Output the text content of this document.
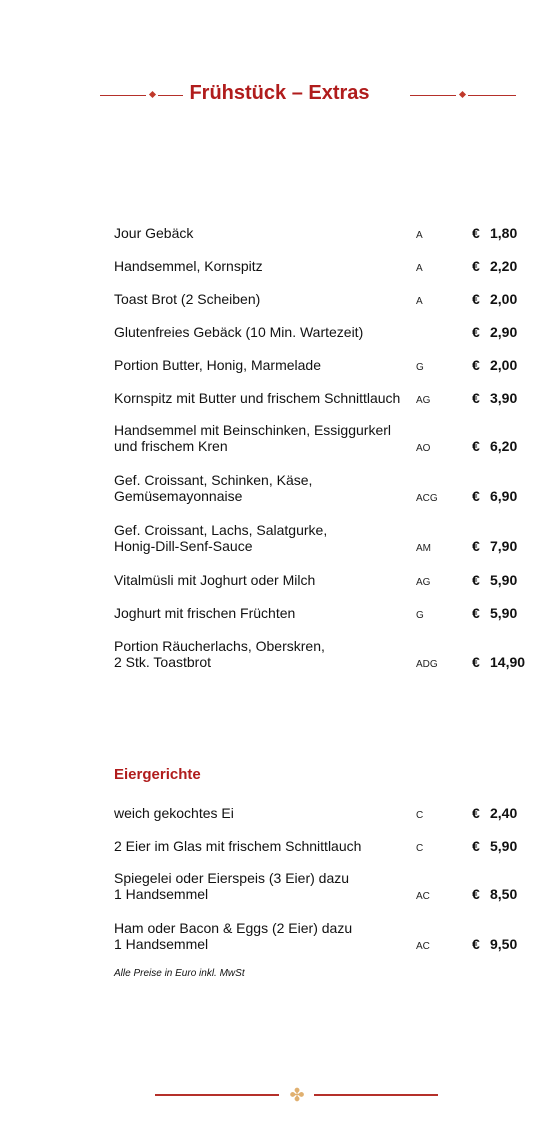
Frühstück – Extras
Jour Gebäck	A	€ 1,80
Handsemmel, Kornspitz	A	€ 2,20
Toast Brot (2 Scheiben)	A	€ 2,00
Glutenfreies Gebäck (10 Min. Wartezeit)	€ 2,90
Portion Butter, Honig, Marmelade	G	€ 2,00
Kornspitz mit Butter und frischem Schnittlauch	AG	€ 3,90
Handsemmel mit Beinschinken, Essiggurkerl
und frischem Kren	AO	€ 6,20
Gef. Croissant, Schinken, Käse,
Gemüsemayonnaise	ACG € 6,90
Gef. Croissant, Lachs, Salatgurke,
Honig-Dill-Senf-Sauce	AM	€ 7,90
Vitalmüsli mit Joghurt oder Milch	AG	€ 5,90
Joghurt mit frischen Früchten	G	€ 5,90
Portion Räucherlachs, Oberskren,
2 Stk. Toastbrot	ADG € 14,90
Eiergerichte
weich gekochtes Ei	C	€ 2,40
2 Eier im Glas mit frischem Schnittlauch	C	€ 5,90
Spiegelei oder Eierspeis (3 Eier) dazu
1 Handsemmel	AC	€ 8,50
Ham oder Bacon & Eggs (2 Eier) dazu
1 Handsemmel	AC	€ 9,50
Alle Preise in Euro inkl. MwSt
✤
